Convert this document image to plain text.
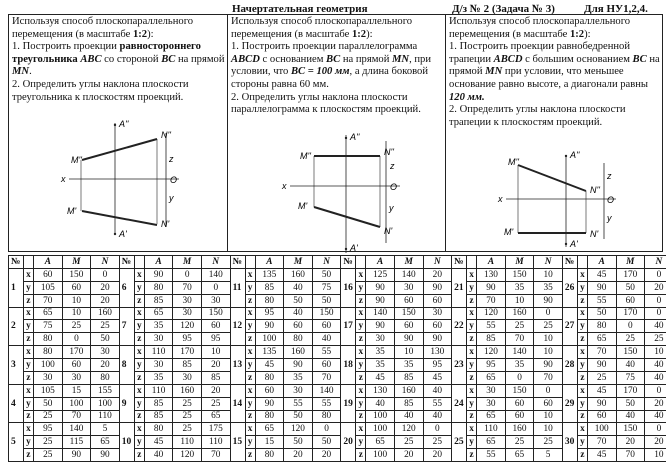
Начертательная геометрия	Д/з № 2 (Задача № 3)	Для НУ1,2,4.

Используя способ плоскопараллельного перемещения (в масштабе 1:2):

1. Построить проекции равностороннего треугольника ABC со стороной BC на прямой MN.

2. Определить углы наклона плоскости треугольника к плоскостям проекций.

A''
M''
N''
x
z
O
y
M'
N'
A'

Используя способ плоскопараллельного перемещения (в масштабе 1:2):

1. Построить проекции параллелограмма ABCD с основанием BC на прямой MN, при условии, что BC = 100 мм, а длина боковой стороны равна 60 мм.

2. Определить углы наклона плоскости параллелограмма к плоскостям проекций.

A''
M''	N''
x
z
O
y
M'
N'
A'

Используя способ плоскопараллельного перемещения (в масштабе 1:2):

1. Построить проекции равнобедренной трапеции ABCD с большим основанием BC на прямой MN при условии, что меньшее основание равно высоте, а диагонали равны 120 мм.

2. Определить углы наклона плоскости трапеции к плоскостям проекций.

A''
M''
N''
x
z
O
y
M'	N'
A'
№		A	M	N	№		A	M	N	№		A	M	N	№		A	M	N	№		A	M	N	№		A	M	N
1	x	60	150	0	6	x	90	0	140	11	x	135	160	50	16	x	125	140	20	21	x	130	150	10	26	x	45	170	0
	y	105	60	20		y	80	70	0		y	85	40	75		y	90	30	90		y	90	35	35		y	90	50	20
	z	70	10	20		z	85	30	30		z	80	50	50		z	90	60	60		z	70	10	90		z	55	60	0
2	x	65	10	160	7	x	65	30	150	12	x	95	40	150	17	x	140	150	30	22	x	120	160	0	27	x	50	170	0
	y	75	25	25		y	35	120	60		y	90	60	60		y	90	60	60		y	55	25	25		y	80	0	40
	z	80	0	50		z	30	95	95		z	100	80	40		z	30	90	90		z	85	70	10		z	65	25	25
3	x	80	170	30	8	x	110	170	10	13	x	135	160	55	18	x	35	10	130	23	x	120	140	10	28	x	70	150	10
	y	100	60	20		y	30	85	20		y	45	90	60		y	35	35	95		y	95	35	90		y	90	40	40
	z	30	30	80		z	35	30	85		z	80	35	70		z	45	85	45		z	65	0	70		z	25	75	40
4	x	105	15	155	9	x	110	160	20	14	x	60	30	140	19	x	130	160	40	24	x	30	150	0	29	x	45	170	0
	y	50	100	100		y	85	25	25		y	90	55	55		y	40	85	55		y	30	60	60		y	90	50	20
	z	25	70	110		z	85	25	65		z	80	50	80		z	100	40	40		z	65	60	10		z	60	40	40
5	x	95	140	5	10	x	80	25	175	15	x	65	120	0	20	x	100	120	0	25	x	110	160	10	30	x	100	150	0
	y	25	115	65		y	45	110	110		y	15	50	50		y	65	25	25		y	65	25	25		y	70	20	20
	z	25	90	90		z	40	120	70		z	80	20	20		z	100	20	20		z	55	65	5		z	45	70	10
